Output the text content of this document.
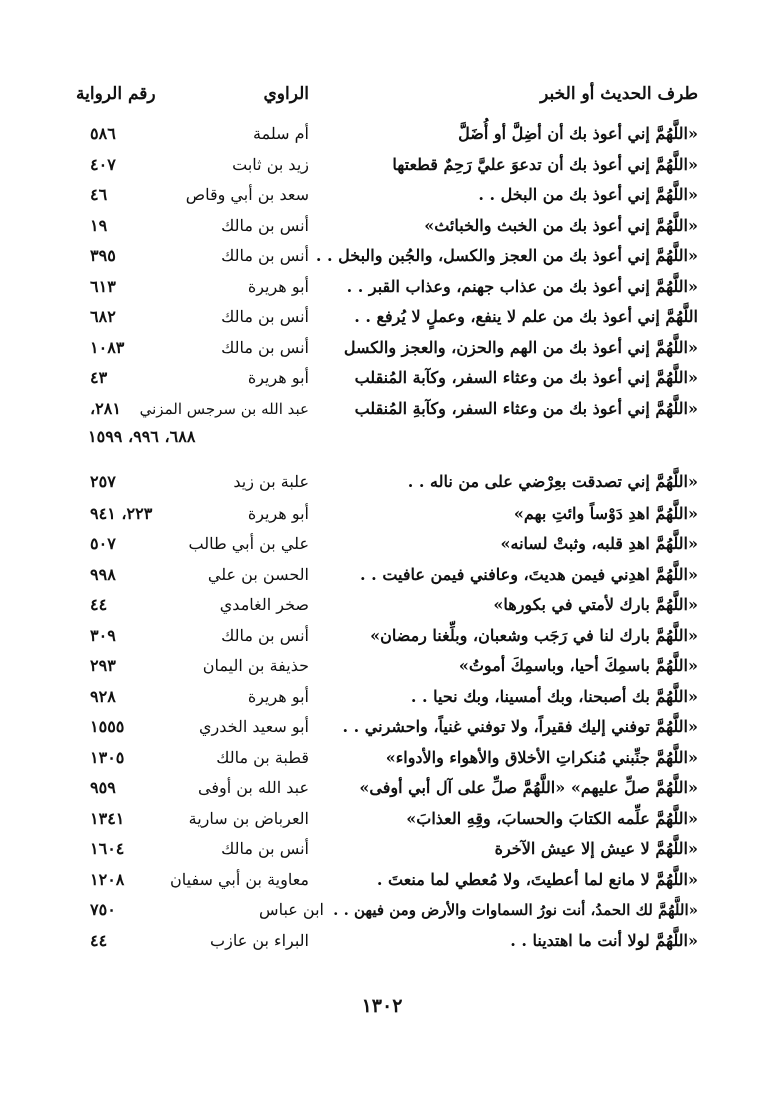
طرف الحديث أو الخبر
الراوي
رقم الرواية
«اللَّهُمَّ إني أعوذ بك أن أضِلَّ أو أُضَلَّ
أم سلمة
٥٨٦
«اللَّهُمَّ إني أعوذ بك أن تدعوَ عليَّ رَحِمٌ قطعتها
زيد بن ثابت
٤٠٧
«اللَّهُمَّ إني أعوذ بك من البخل . .
سعد بن أبي وقاص
٤٦
«اللَّهُمَّ إني أعوذ بك من الخبث والخبائث»
أنس بن مالك
١٩
«اللَّهُمَّ إني أعوذ بك من العجز والكسل، والجُبن والبخل . .
أنس بن مالك
٣٩٥
«اللَّهُمَّ إني أعوذ بك من عذاب جهنم، وعذاب القبر . .
أبو هريرة
٦١٣
اللَّهُمَّ إني أعوذ بك من علم لا ينفع، وعملٍ لا يُرفع . .
أنس بن مالك
٦٨٢
«اللَّهُمَّ إني أعوذ بك من الهم والحزن، والعجز والكسل
أنس بن مالك
١٠٨٣
«اللَّهُمَّ إني أعوذ بك من وعثاء السفر، وكآبة المُنقلب
أبو هريرة
٤٣
«اللَّهُمَّ إني أعوذ بك من وعثاء السفر، وكآبةِ المُنقلب
عبد الله بن سرجس المزني
٢٨١،
٦٨٨، ٩٩٦، ١٥٩٩
«اللَّهُمَّ إني تصدقت بعِرْضي على من ناله . .
علبة بن زيد
٢٥٧
«اللَّهُمَّ اهدِ دَوْساً وائتِ بهم»
أبو هريرة
٢٢٣، ٩٤١
«اللَّهُمَّ اهدِ قلبه، وثبتْ لسانه»
علي بن أبي طالب
٥٠٧
«اللَّهُمَّ اهدِني فيمن هديتَ، وعافني فيمن عافيت . .
الحسن بن علي
٩٩٨
«اللَّهُمَّ بارك لأمتي في بكورها»
صخر الغامدي
٤٤
«اللَّهُمَّ بارك لنا في رَجَب وشعبان، وبلِّغنا رمضان»
أنس بن مالك
٣٠٩
«اللَّهُمَّ باسمِكَ أحيا، وباسمِكَ أموتُ»
حذيفة بن اليمان
٢٩٣
«اللَّهُمَّ بك أصبحنا، وبك أمسينا، وبك نحيا . .
أبو هريرة
٩٢٨
«اللَّهُمَّ توفني إليك فقيراً، ولا توفني غنياً، واحشرني . .
أبو سعيد الخدري
١٥٥٥
«اللَّهُمَّ جنِّبني مُنكراتِ الأخلاق والأهواء والأدواء»
قطبة بن مالك
١٣٠٥
«اللَّهُمَّ صلِّ عليهم» «اللَّهُمَّ صلِّ على آل أبي أوفى»
عبد الله بن أوفى
٩٥٩
«اللَّهُمَّ علِّمه الكتابَ والحسابَ، وقِهِ العذابَ»
العرباض بن سارية
١٣٤١
«اللَّهُمَّ لا عيش إلا عيش الآخرة
أنس بن مالك
١٦٠٤
«اللَّهُمَّ لا مانع لما أعطيتَ، ولا مُعطي لما منعتَ .
معاوية بن أبي سفيان
١٢٠٨
«اللَّهُمَّ لك الحمدُ، أنت نورُ السماوات والأرض ومن فيهن . .
ابن عباس
٧٥٠
«اللَّهُمَّ لولا أنت ما اهتدينا . .
البراء بن عازب
٤٤
١٣٠٢
